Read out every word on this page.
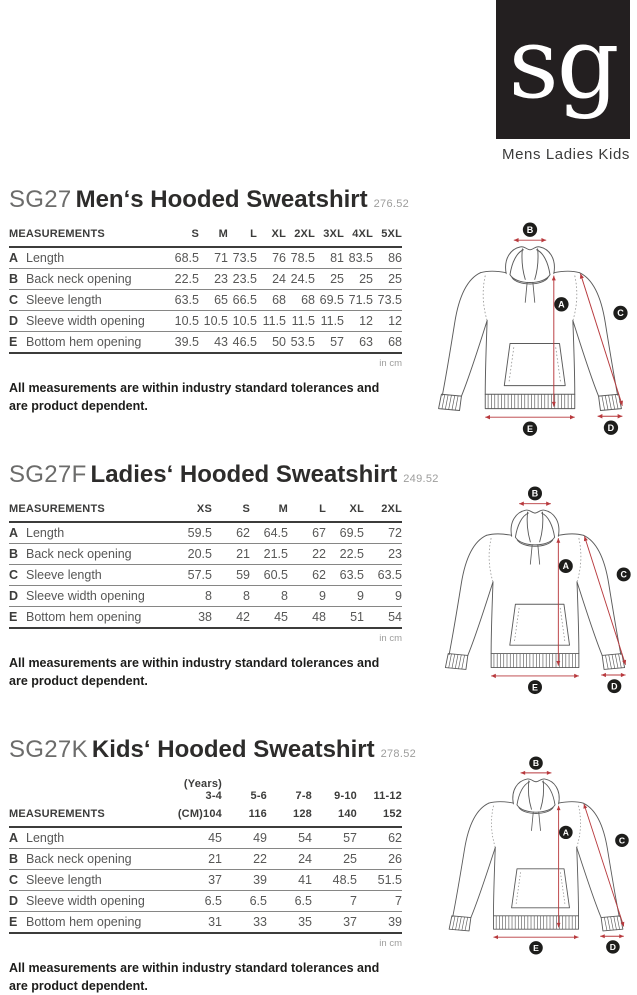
sg
Mens Ladies Kids
SG27 Men‘s Hooded Sweatshirt 276.52
MEASUREMENTS		S	M	L	XL	2XL	3XL	4XL	5XL
A	Length	68.5	71	73.5	76	78.5	81	83.5	86
B	Back neck opening	22.5	23	23.5	24	24.5	25	25	25
C	Sleeve length	63.5	65	66.5	68	68	69.5	71.5	73.5
D	Sleeve width opening	10.5	10.5	10.5	11.5	11.5	11.5	12	12
E	Bottom hem opening	39.5	43	46.5	50	53.5	57	63	68
in cm

All measurements are within industry standard tolerances and
are product dependent.

SG27F Ladies‘ Hooded Sweatshirt 249.52
MEASUREMENTS		XS	S	M	L	XL	2XL
A	Length	59.5	62	64.5	67	69.5	72
B	Back neck opening	20.5	21	21.5	22	22.5	23
C	Sleeve length	57.5	59	60.5	62	63.5	63.5
D	Sleeve width opening	8	8	8	9	9	9
E	Bottom hem opening	38	42	45	48	51	54
in cm

All measurements are within industry standard tolerances and
are product dependent.

SG27K Kids‘ Hooded Sweatshirt 278.52
		(Years) 3-4	5-6	7-8	9-10	11-12
MEASUREMENTS		(CM)104	116	128	140	152
A	Length	45	49	54	57	62
B	Back neck opening	21	22	24	25	26
C	Sleeve length	37	39	41	48.5	51.5
D	Sleeve width opening	6.5	6.5	6.5	7	7
E	Bottom hem opening	31	33	35	37	39
in cm

All measurements are within industry standard tolerances and
are product dependent.

B
A
C
D
E
B
A
C
D
E
B
A
C
D
E
